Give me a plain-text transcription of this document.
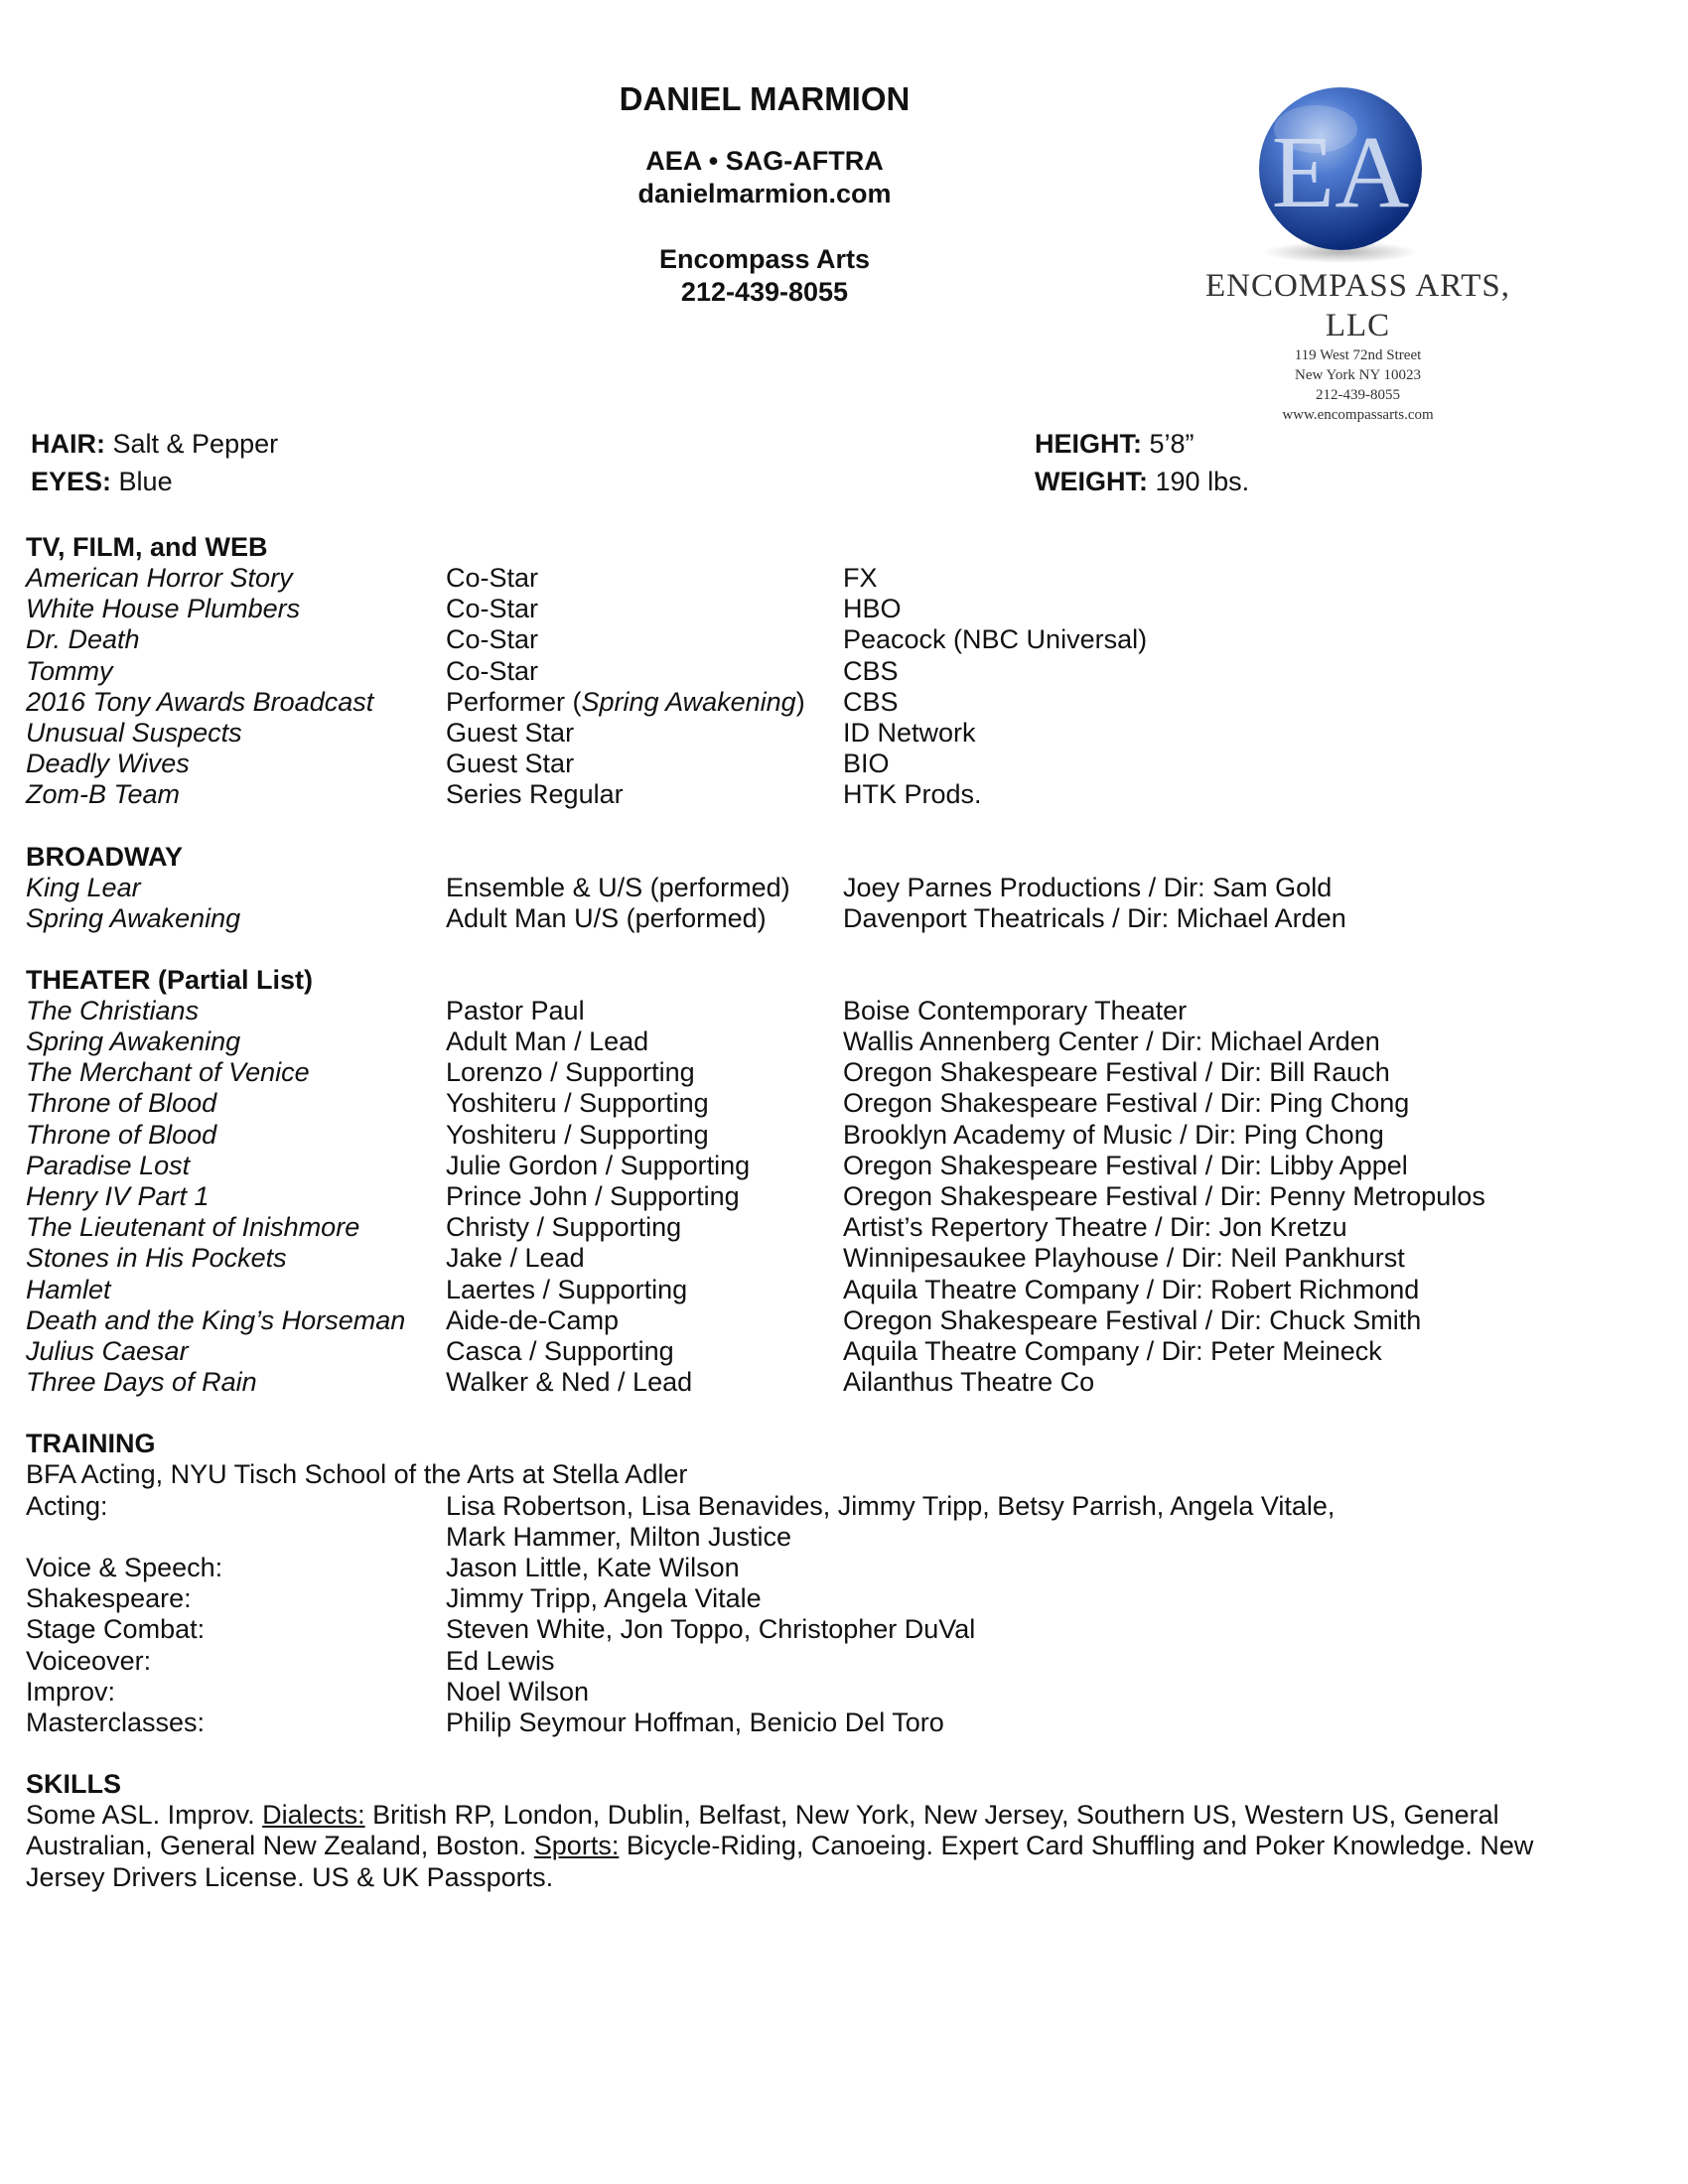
DANIEL MARMION
AEA • SAG-AFTRA
danielmarmion.com
Encompass Arts
212-439-8055
EA
ENCOMPASS ARTS, LLC
119 West 72nd Street
New York NY 10023
212-439-8055
www.encompassarts.com
HAIR: Salt & Pepper
EYES: Blue
HEIGHT: 5’8”
WEIGHT: 190 lbs.
TV, FILM, and WEB
American Horror Story	Co-Star	FX
White House Plumbers	Co-Star	HBO
Dr. Death	Co-Star	Peacock (NBC Universal)
Tommy	Co-Star	CBS
2016 Tony Awards Broadcast	Performer (Spring Awakening)	CBS
Unusual Suspects	Guest Star	ID Network
Deadly Wives	Guest Star	BIO
Zom-B Team	Series Regular	HTK Prods.
BROADWAY
King Lear	Ensemble & U/S (performed)	Joey Parnes Productions / Dir: Sam Gold
Spring Awakening	Adult Man U/S (performed)	Davenport Theatricals / Dir: Michael Arden
THEATER (Partial List)
The Christians	Pastor Paul	Boise Contemporary Theater
Spring Awakening	Adult Man / Lead	Wallis Annenberg Center / Dir: Michael Arden
The Merchant of Venice	Lorenzo / Supporting	Oregon Shakespeare Festival / Dir: Bill Rauch
Throne of Blood	Yoshiteru / Supporting	Oregon Shakespeare Festival / Dir: Ping Chong
Throne of Blood	Yoshiteru / Supporting	Brooklyn Academy of Music / Dir: Ping Chong
Paradise Lost	Julie Gordon / Supporting	Oregon Shakespeare Festival / Dir: Libby Appel
Henry IV Part 1	Prince John / Supporting	Oregon Shakespeare Festival / Dir: Penny Metropulos
The Lieutenant of Inishmore	Christy / Supporting	Artist’s Repertory Theatre / Dir: Jon Kretzu
Stones in His Pockets	Jake / Lead	Winnipesaukee Playhouse / Dir: Neil Pankhurst
Hamlet	Laertes / Supporting	Aquila Theatre Company / Dir: Robert Richmond
Death and the King’s Horseman	Aide-de-Camp	Oregon Shakespeare Festival / Dir: Chuck Smith
Julius Caesar	Casca / Supporting	Aquila Theatre Company / Dir: Peter Meineck
Three Days of Rain	Walker & Ned / Lead	Ailanthus Theatre Co
TRAINING
BFA Acting, NYU Tisch School of the Arts at Stella Adler
Acting:	Lisa Robertson, Lisa Benavides, Jimmy Tripp, Betsy Parrish, Angela Vitale,
Mark Hammer, Milton Justice
Voice & Speech:	Jason Little, Kate Wilson
Shakespeare:	Jimmy Tripp, Angela Vitale
Stage Combat:	Steven White, Jon Toppo, Christopher DuVal
Voiceover:	Ed Lewis
Improv:	Noel Wilson
Masterclasses:	Philip Seymour Hoffman, Benicio Del Toro
SKILLS
Some ASL. Improv. Dialects: British RP, London, Dublin, Belfast, New York, New Jersey, Southern US, Western US, General Australian, General New Zealand, Boston. Sports: Bicycle-Riding, Canoeing. Expert Card Shuffling and Poker Knowledge. New Jersey Drivers License. US & UK Passports.
